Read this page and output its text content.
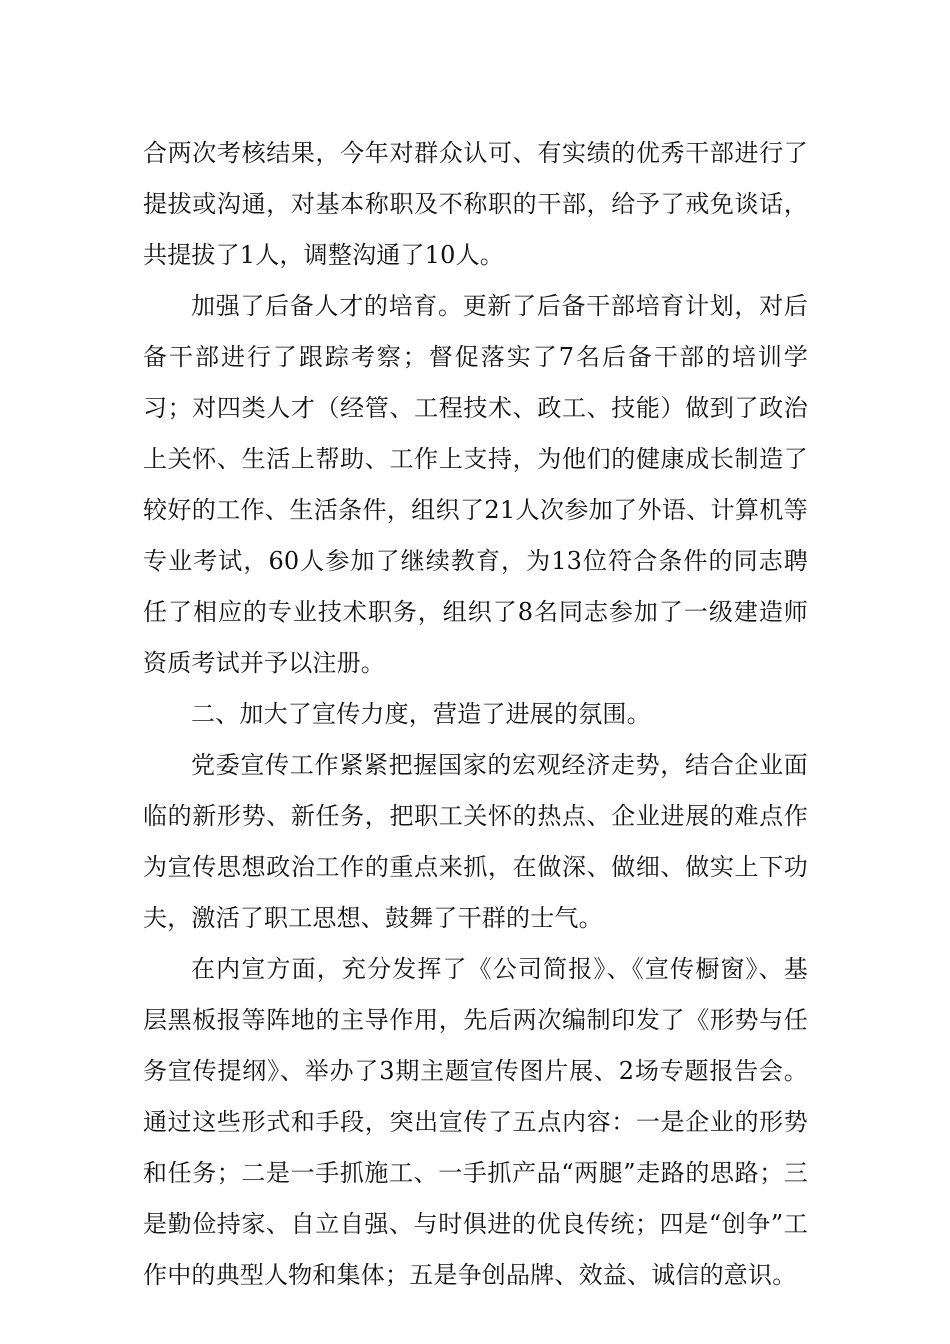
合两次考核结果，今年对群众认可、有实绩的优秀干部进行了提拔或沟通，对基本称职及不称职的干部，给予了戒免谈话，共提拔了1人，调整沟通了10人。

加强了后备人才的培育。更新了后备干部培育计划，对后备干部进行了跟踪考察；督促落实了7名后备干部的培训学习；对四类人才（经管、工程技术、政工、技能）做到了政治上关怀、生活上帮助、工作上支持，为他们的健康成长制造了较好的工作、生活条件，组织了21人次参加了外语、计算机等专业考试，60人参加了继续教育，为13位符合条件的同志聘任了相应的专业技术职务，组织了8名同志参加了一级建造师资质考试并予以注册。

二、加大了宣传力度，营造了进展的氛围。

党委宣传工作紧紧把握国家的宏观经济走势，结合企业面临的新形势、新任务，把职工关怀的热点、企业进展的难点作为宣传思想政治工作的重点来抓，在做深、做细、做实上下功夫，激活了职工思想、鼓舞了干群的士气。

在内宣方面，充分发挥了《公司简报》、《宣传橱窗》、基层黑板报等阵地的主导作用，先后两次编制印发了《形势与任务宣传提纲》、举办了3期主题宣传图片展、2场专题报告会。通过这些形式和手段，突出宣传了五点内容：一是企业的形势和任务；二是一手抓施工、一手抓产品“两腿”走路的思路；三是勤俭持家、自立自强、与时俱进的优良传统；四是“创争”工作中的典型人物和集体；五是争创品牌、效益、诚信的意识。
